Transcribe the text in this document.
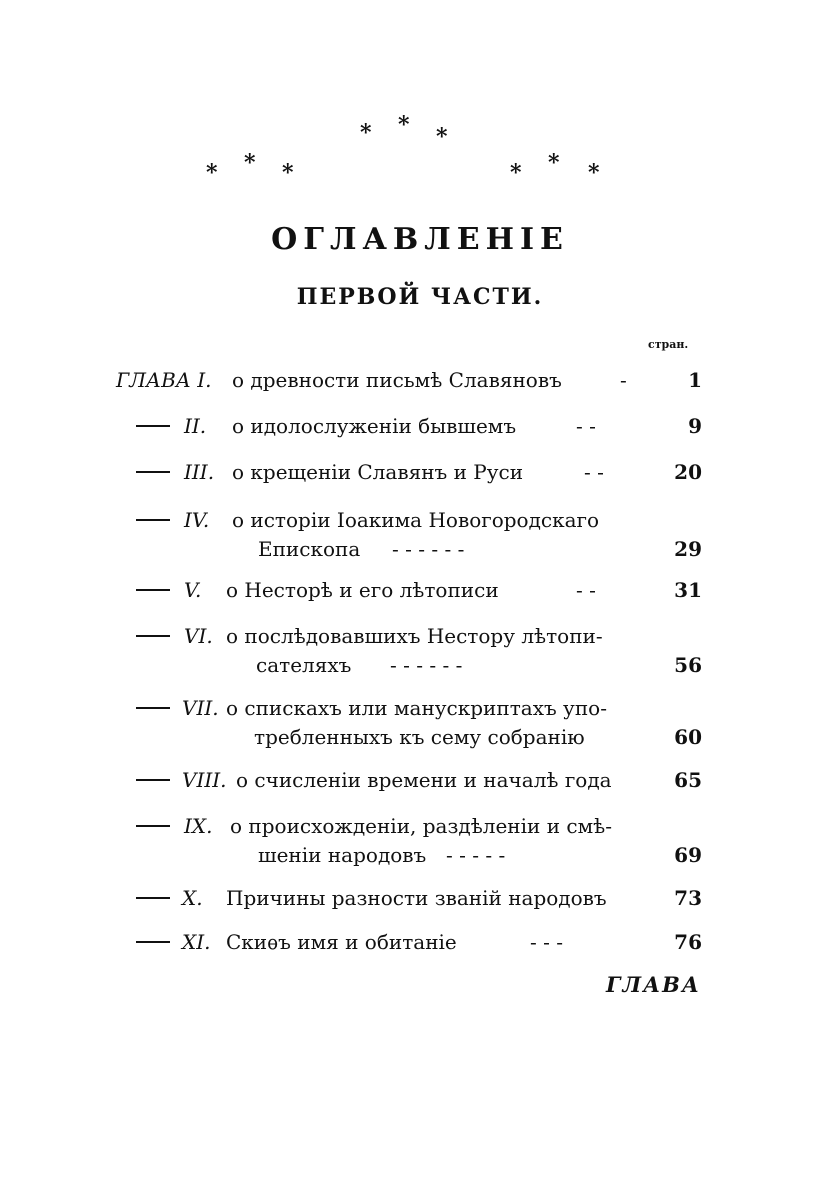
* * *
* * *	* * *
ОГЛАВЛЕНІЕ
ПЕРВОЙ ЧАСТИ.
стран.
ГЛАВА I. о древности письмѣ Славяновъ	-	1
II. о идолослуженіи бывшемъ	- -	9
III. о крещеніи Славянъ и Руси	- -	20
IV. о исторіи Іоакима Новогородскаго
Епископа - - - - - -	29
V. о Несторѣ и его лѣтописи	- -	31
VI. о послѣдовавшихъ Нестору лѣтопи-
сателяхъ - - - - - -	56
VII. о спискахъ или манускриптахъ упо-
требленныхъ къ сему собранію	60
VIII. о счисленіи времени и началѣ года	65
IX. о происхожденіи, раздѣленіи и смѣ-
шеніи народовъ - - - - -	69
X. Причины разности званій народовъ	73
XI. Скиѳъ имя и обитаніе	- - -	76
ГЛАВА
